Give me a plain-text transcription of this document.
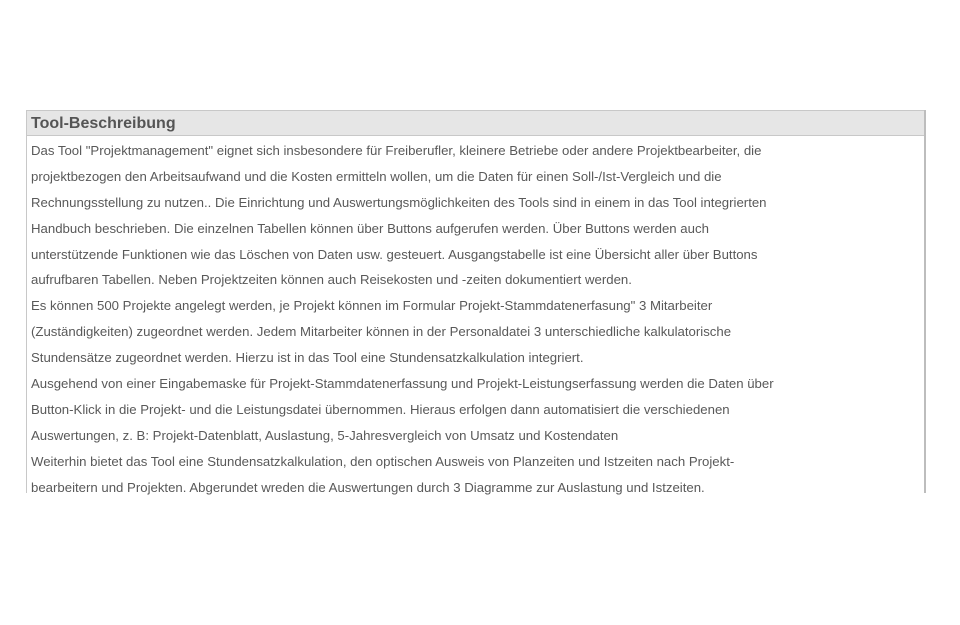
Tool-Beschreibung
Das Tool "Projektmanagement" eignet sich insbesondere für Freiberufler, kleinere Betriebe oder andere Projektbearbeiter, die
projektbezogen den Arbeitsaufwand und die Kosten ermitteln wollen, um die Daten für einen Soll-/Ist-Vergleich und die
Rechnungsstellung zu nutzen.. Die Einrichtung und Auswertungsmöglichkeiten des Tools sind in einem in das Tool integrierten
Handbuch beschrieben. Die einzelnen Tabellen können über Buttons aufgerufen werden. Über Buttons werden auch
unterstützende Funktionen wie das Löschen von Daten usw. gesteuert. Ausgangstabelle ist eine Übersicht aller über Buttons
aufrufbaren Tabellen. Neben Projektzeiten können auch Reisekosten und -zeiten dokumentiert werden.
Es können 500 Projekte angelegt werden, je Projekt können im Formular Projekt-Stammdatenerfasung" 3 Mitarbeiter
(Zuständigkeiten) zugeordnet werden. Jedem Mitarbeiter können in der Personaldatei 3 unterschiedliche kalkulatorische
Stundensätze zugeordnet werden. Hierzu ist in das Tool eine Stundensatzkalkulation integriert.
Ausgehend von einer Eingabemaske für Projekt-Stammdatenerfassung und Projekt-Leistungserfassung werden die Daten über
Button-Klick in die Projekt- und die Leistungsdatei übernommen. Hieraus erfolgen dann automatisiert die verschiedenen
Auswertungen, z. B: Projekt-Datenblatt, Auslastung, 5-Jahresvergleich von Umsatz und Kostendaten
Weiterhin bietet das Tool eine Stundensatzkalkulation, den optischen Ausweis von Planzeiten und Istzeiten nach Projekt-
bearbeitern und Projekten. Abgerundet wreden die Auswertungen durch 3 Diagramme zur Auslastung und Istzeiten.
